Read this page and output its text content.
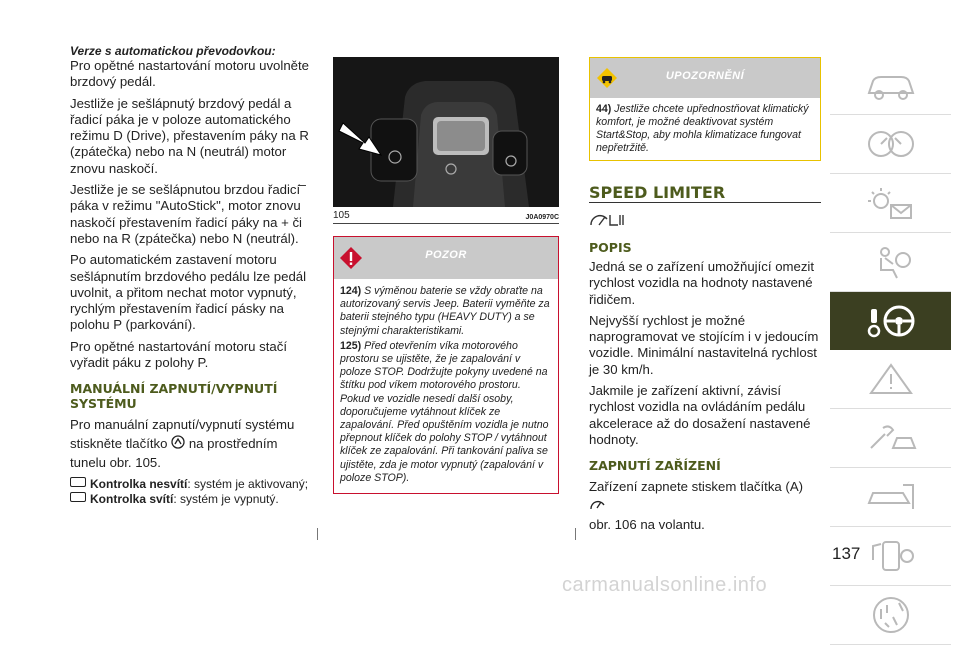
Verze s automatickou převodovkou:

Pro opětné nastartování motoru uvolněte brzdový pedál.

Jestliže je sešlápnutý brzdový pedál a řadicí páka je v poloze automatického režimu D (Drive), přestavením páky na R (zpátečka) nebo na N (neutrál) motor znovu naskočí.

Jestliže je se sešlápnutou brzdou řadicí páka v režimu "AutoStick", motor znovu naskočí přestavením řadicí páky na + či nebo na R (zpátečka) nebo N (neutrál).
–

Po automatickém zastavení motoru sešlápnutím brzdového pedálu lze pedál uvolnit, a přitom nechat motor vypnutý, rychlým přestavením řadicí pásky na polohu P (parkování).

Pro opětné nastartování motoru stačí vyřadit páku z polohy P.

MANUÁLNÍ ZAPNUTÍ/VYPNUTÍ SYSTÉMU

Pro manuální zapnutí/vypnutí systému stiskněte tlačítko na prostředním tunelu obr. 105.

Kontrolka nesvítí: systém je aktivovaný;

Kontrolka svítí: systém je vypnutý.

105	J0A0970C
POZOR

124) S výměnou baterie se vždy obraťte na autorizovaný servis Jeep. Baterii vyměňte za baterii stejného typu (HEAVY DUTY) a se stejnými charakteristikami.

125) Před otevřením víka motorového prostoru se ujistěte, že je zapalování v poloze STOP. Dodržujte pokyny uvedené na štítku pod víkem motorového prostoru. Pokud ve vozidle nesedí další osoby, doporučujeme vytáhnout klíček ze zapalování. Před opuštěním vozidla je nutno přepnout klíček do polohy STOP / vytáhnout klíček ze zapalování. Při tankování paliva se ujistěte, zda je motor vypnutý (zapalování v poloze STOP).

UPOZORNĚNÍ
44) Jestliže chcete upřednostňovat klimatický komfort, je možné deaktivovat systém Start&Stop, aby mohla klimatizace fungovat nepřetržitě.
SPEED LIMITER
POPIS

Jedná se o zařízení umožňující omezit rychlost vozidla na hodnoty nastavené řidičem.

Nejvyšší rychlost je možné naprogramovat ve stojícím i v jedoucím vozidle. Minimální nastavitelná rychlost je 30 km/h.

Jakmile je zařízení aktivní, závisí rychlost vozidla na ovládáním pedálu akcelerace až do dosažení nastavené hodnoty.

ZAPNUTÍ ZAŘÍZENÍ

Zařízení zapnete stiskem tlačítka (A)
obr. 106 na volantu.

137
carmanualsonline.info
